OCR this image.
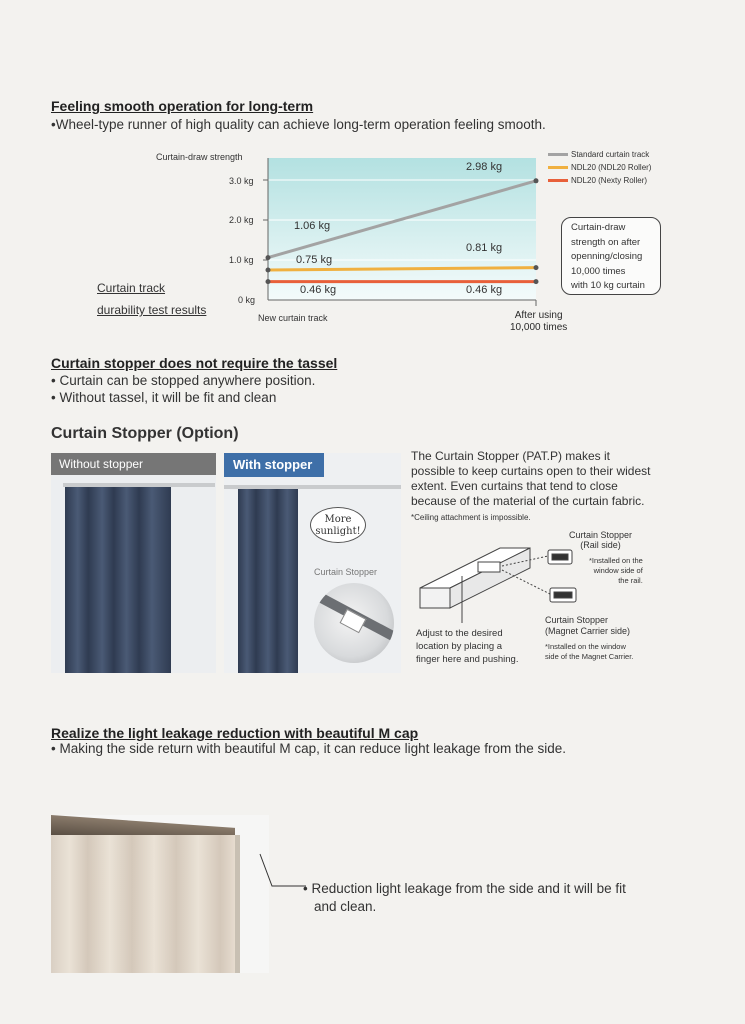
Feeling smooth operation for long-term
•Wheel-type runner of high quality can achieve long-term operation feeling smooth.
Curtain-draw strength
3.0 kg
2.0 kg
1.0 kg
0 kg
1.06 kg
2.98 kg
0.75 kg
0.81 kg
0.46 kg	0.46 kg
New curtain track	After using
10,000 times
Curtain track
durability test results
Standard curtain track
NDL20 (NDL20 Roller)
NDL20 (Nexty Roller)
Curtain-draw
strength on after
openning/closing
10,000 times
with 10 kg curtain
Curtain stopper does not require the tassel
• Curtain can be stopped anywhere position.
• Without tassel, it will be fit and clean
Curtain Stopper (Option)
Without stopper	With stopper
More
sunlight!
Curtain Stopper
The Curtain Stopper (PAT.P) makes it
possible to keep curtains open to their widest
extent. Even curtains that tend to close
because of the material of the curtain fabric.
*Ceiling attachment is impossible.
Curtain Stopper
(Rail side)
*Installed on the
window side of
the rail.
Curtain Stopper
(Magnet Carrier side)
*Installed on the window
side of the Magnet Carrier.
Adjust to the desired
location by placing a
finger here and pushing.
Realize the light leakage reduction with beautiful M cap
• Making the side return with beautiful M cap, it can reduce light leakage from the side.
• Reduction light leakage from the side and it will be fit
and clean.
